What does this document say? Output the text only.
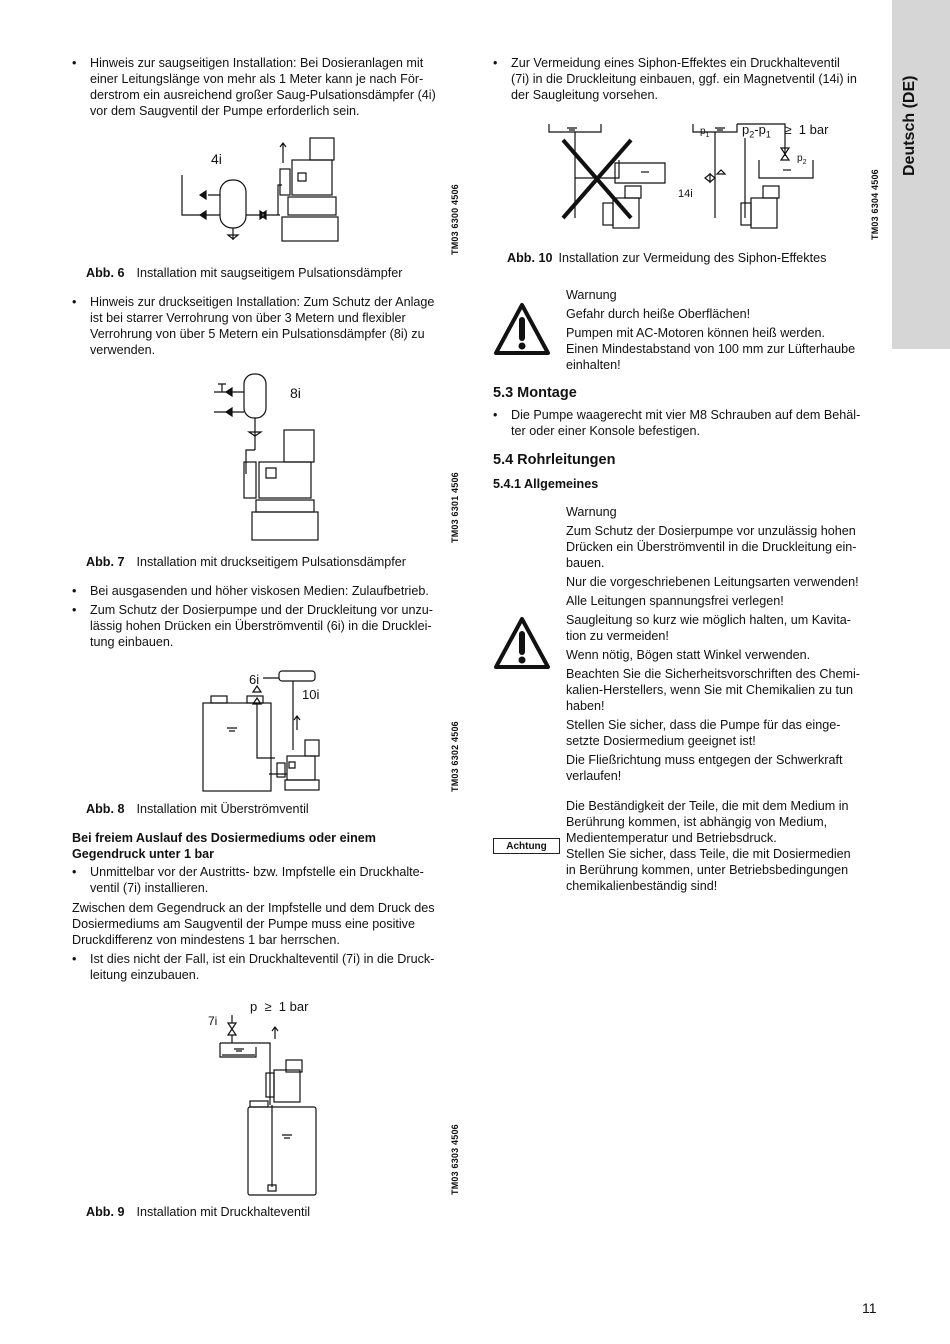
Deutsch (DE)
• Hinweis zur saugseitigen Installation: Bei Dosieranlagen mit
einer Leitungslänge von mehr als 1 Meter kann je nach För-
derstrom ein ausreichend großer Saug-Pulsationsdämpfer (4i)
vor dem Saugventil der Pumpe erforderlich sein.
4i
TM03 6300 4506
Abb. 6 Installation mit saugseitigem Pulsationsdämpfer
• Hinweis zur druckseitigen Installation: Zum Schutz der Anlage
ist bei starrer Verrohrung von über 3 Metern und flexibler
Verrohrung von über 5 Metern ein Pulsationsdämpfer (8i) zu
verwenden.
8i
TM03 6301 4506
Abb. 7 Installation mit druckseitigem Pulsationsdämpfer
• Bei ausgasenden und höher viskosen Medien: Zulaufbetrieb.
• Zum Schutz der Dosierpumpe und der Druckleitung vor unzu-
lässig hohen Drücken ein Überströmventil (6i) in die Drucklei-
tung einbauen.
6i
10i
TM03 6302 4506
Abb. 8 Installation mit Überströmventil
Bei freiem Auslauf des Dosiermediums oder einem
Gegendruck unter 1 bar
• Unmittelbar vor der Austritts- bzw. Impfstelle ein Druckhalte-
ventil (7i) installieren.
Zwischen dem Gegendruck an der Impfstelle und dem Druck des
Dosiermediums am Saugventil der Pumpe muss eine positive
Druckdifferenz von mindestens 1 bar herrschen.
• Ist dies nicht der Fall, ist ein Druckhalteventil (7i) in die Druck-
leitung einzubauen.
7i
p  ≥  1 bar
TM03 6303 4506
Abb. 9 Installation mit Druckhalteventil
• Zur Vermeidung eines Siphon-Effektes ein Druckhalteventil
(7i) in die Druckleitung einbauen, ggf. ein Magnetventil (14i) in
der Saugleitung vorsehen.
$p_1$	$p_2-p_1 \ge 1$ bar
$p_2$
14i	TM03 6304 4506
Abb. 10 Installation zur Vermeidung des Siphon-Effektes
Warnung
Gefahr durch heiße Oberflächen!
Pumpen mit AC-Motoren können heiß werden.
Einen Mindestabstand von 100 mm zur Lüfterhaube
einhalten!
5.3 Montage
• Die Pumpe waagerecht mit vier M8 Schrauben auf dem Behäl-
ter oder einer Konsole befestigen.
5.4 Rohrleitungen
5.4.1 Allgemeines
Warnung
Zum Schutz der Dosierpumpe vor unzulässig hohen
Drücken ein Überströmventil in die Druckleitung ein-
bauen.
Nur die vorgeschriebenen Leitungsarten verwenden!
Alle Leitungen spannungsfrei verlegen!
Saugleitung so kurz wie möglich halten, um Kavita-
tion zu vermeiden!
Wenn nötig, Bögen statt Winkel verwenden.
Beachten Sie die Sicherheitsvorschriften des Chemi-
kalien-Herstellers, wenn Sie mit Chemikalien zu tun
haben!
Stellen Sie sicher, dass die Pumpe für das einge-
setzte Dosiermedium geeignet ist!
Die Fließrichtung muss entgegen der Schwerkraft
verlaufen!
Achtung
Die Beständigkeit der Teile, die mit dem Medium in
Berührung kommen, ist abhängig von Medium,
Medientemperatur und Betriebsdruck.
Stellen Sie sicher, dass Teile, die mit Dosiermedien
in Berührung kommen, unter Betriebsbedingungen
chemikalienbeständig sind!
11
